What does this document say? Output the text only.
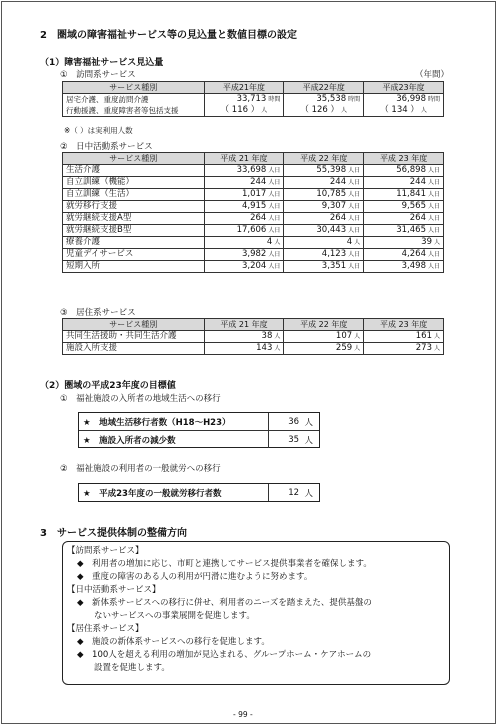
2　圏域の障害福祉サービス等の見込量と数値目標の設定
（1）障害福祉サービス見込量
①　訪問系サービス	（年間）
サービス種別	平成21年度	平成22年度	平成23年度
居宅介護、重度訪問介護	33,713 時間	35,538 時間	36,998 時間
行動援護、重度障害者等包括支援	（ 116 ） 人	（ 126 ） 人	（ 134 ） 人
※（ ）は実利用人数
②　日中活動系サービス
サービス種別	平成 21 年度	平成 22 年度	平成 23 年度
生活介護	33,698 人日	55,398 人日	56,898 人日
自立訓練（機能）	244 人日	244 人日	244 人日
自立訓練（生活）	1,017 人日	10,785 人日	11,841 人日
就労移行支援	4,915 人日	9,307 人日	9,565 人日
就労継続支援A型	264 人日	264 人日	264 人日
就労継続支援B型	17,606 人日	30,443 人日	31,465 人日
療養介護	4 人	4 人	39 人
児童デイサービス	3,982 人日	4,123 人日	4,264 人日
短期入所	3,204 人日	3,351 人日	3,498 人日
③　居住系サービス
サービス種別	平成 21 年度	平成 22 年度	平成 23 年度
共同生活援助・共同生活介護	38 人	107 人	161 人
施設入所支援	143 人	259 人	273 人
（2）圏域の平成23年度の目標値
①　福祉施設の入所者の地域生活への移行
★　地域生活移行者数（H18～H23）	36
人
★　施設入所者の減少数	35
人
②　福祉施設の利用者の一般就労への移行
★　平成23年度の一般就労移行者数	12
人
3　サービス提供体制の整備方向
【訪問系サービス】
◆　利用者の増加に応じ、市町と連携してサービス提供事業者を確保します。
◆　重度の障害のある人の利用が円滑に進むように努めます。
【日中活動系サービス】
◆　新体系サービスへの移行に併せ、利用者のニーズを踏まえた、提供基盤の
　　ないサービスへの事業展開を促進します。
【居住系サービス】
◆　施設の新体系サービスへの移行を促進します。
◆　100人を超える利用の増加が見込まれる、グループホーム・ケアホームの
　　設置を促進します。
- 99 -
